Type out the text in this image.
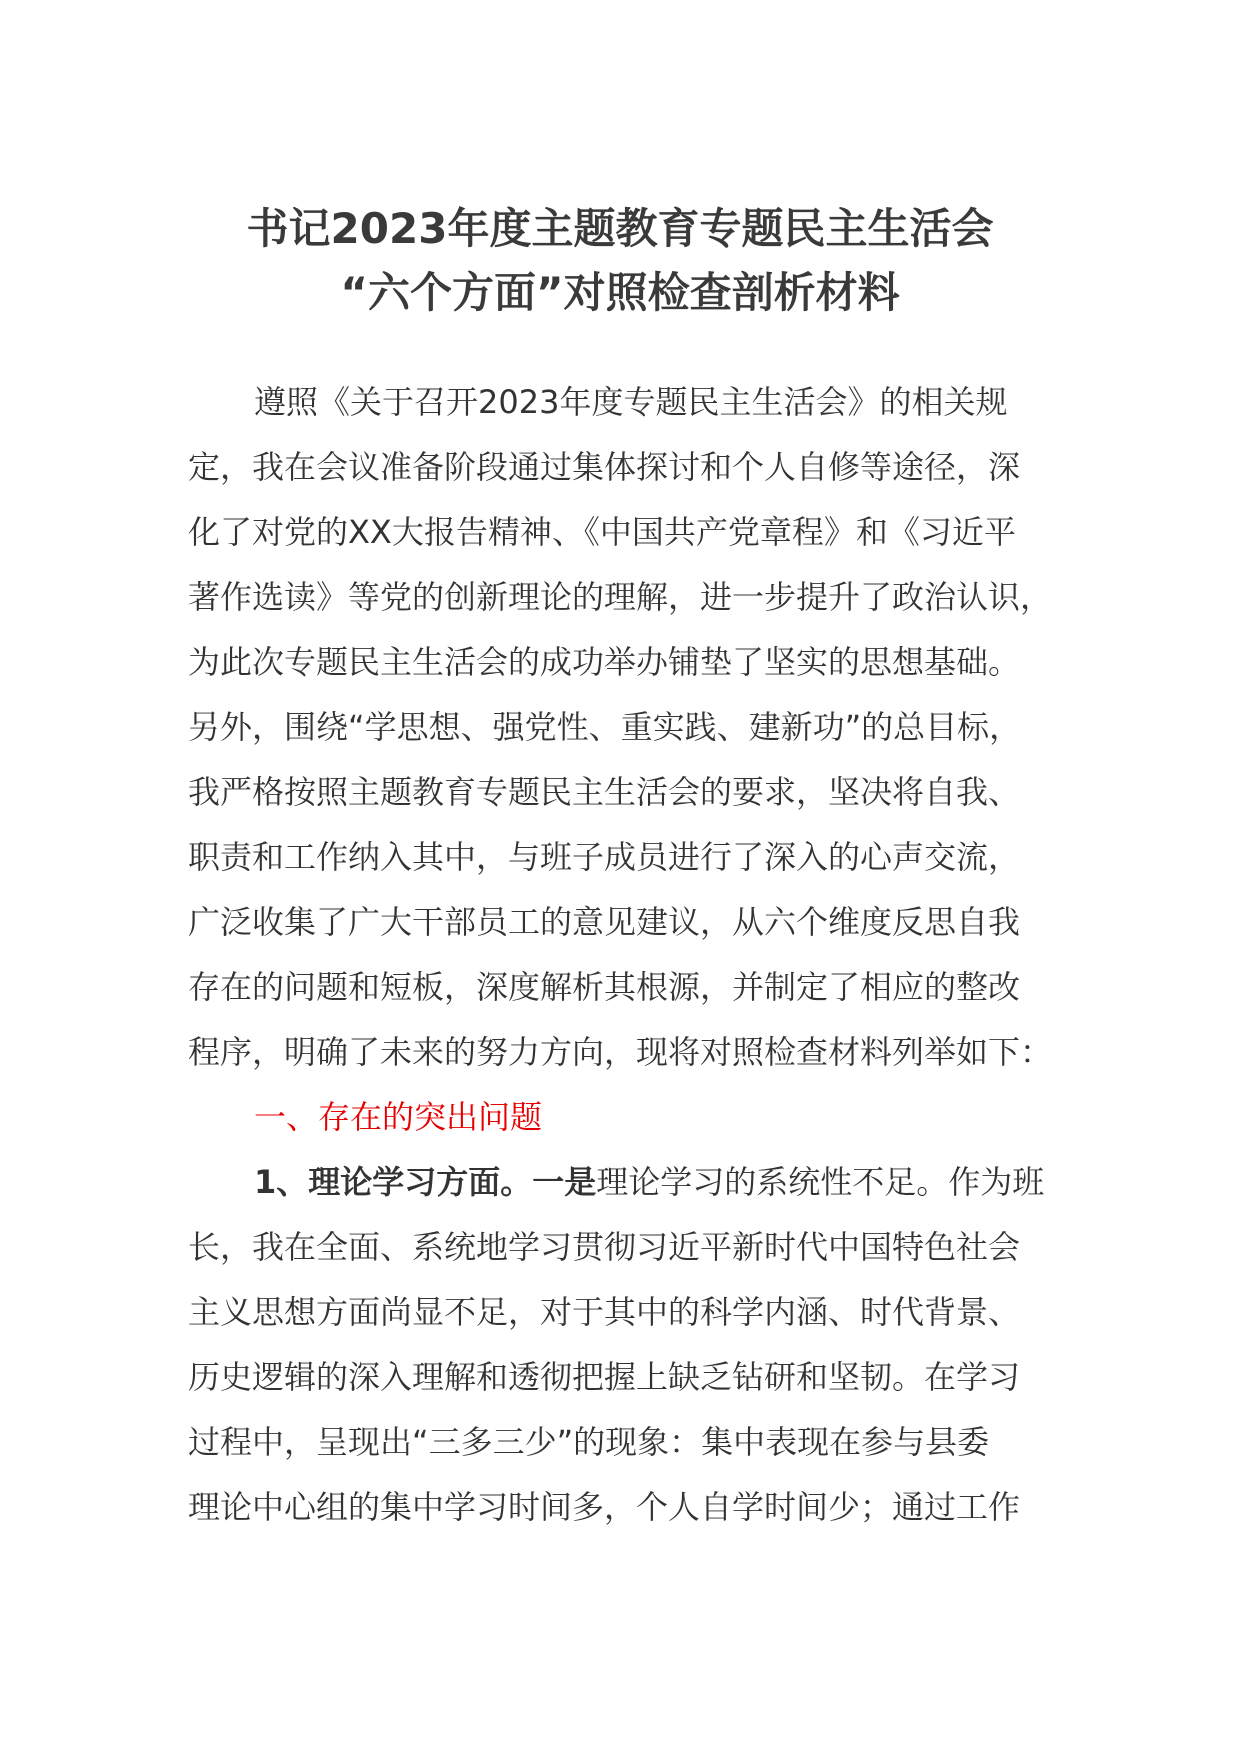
书记2023年度主题教育专题民主生活会
“六个方面”对照检查剖析材料
遵照《关于召开2023年度专题民主生活会》的相关规
定，我在会议准备阶段通过集体探讨和个人自修等途径，深
化了对党的XX大报告精神、《中国共产党章程》和《习近平
著作选读》等党的创新理论的理解，进一步提升了政治认识，
为此次专题民主生活会的成功举办铺垫了坚实的思想基础。
另外，围绕“学思想、强党性、重实践、建新功”的总目标，
我严格按照主题教育专题民主生活会的要求，坚决将自我、
职责和工作纳入其中，与班子成员进行了深入的心声交流，
广泛收集了广大干部员工的意见建议，从六个维度反思自我
存在的问题和短板，深度解析其根源，并制定了相应的整改
程序，明确了未来的努力方向，现将对照检查材料列举如下：
一、存在的突出问题
1、理论学习方面。一是理论学习的系统性不足。作为班
长，我在全面、系统地学习贯彻习近平新时代中国特色社会
主义思想方面尚显不足，对于其中的科学内涵、时代背景、
历史逻辑的深入理解和透彻把握上缺乏钻研和坚韧。在学习
过程中，呈现出“三多三少”的现象：集中表现在参与县委
理论中心组的集中学习时间多，个人自学时间少；通过工作
